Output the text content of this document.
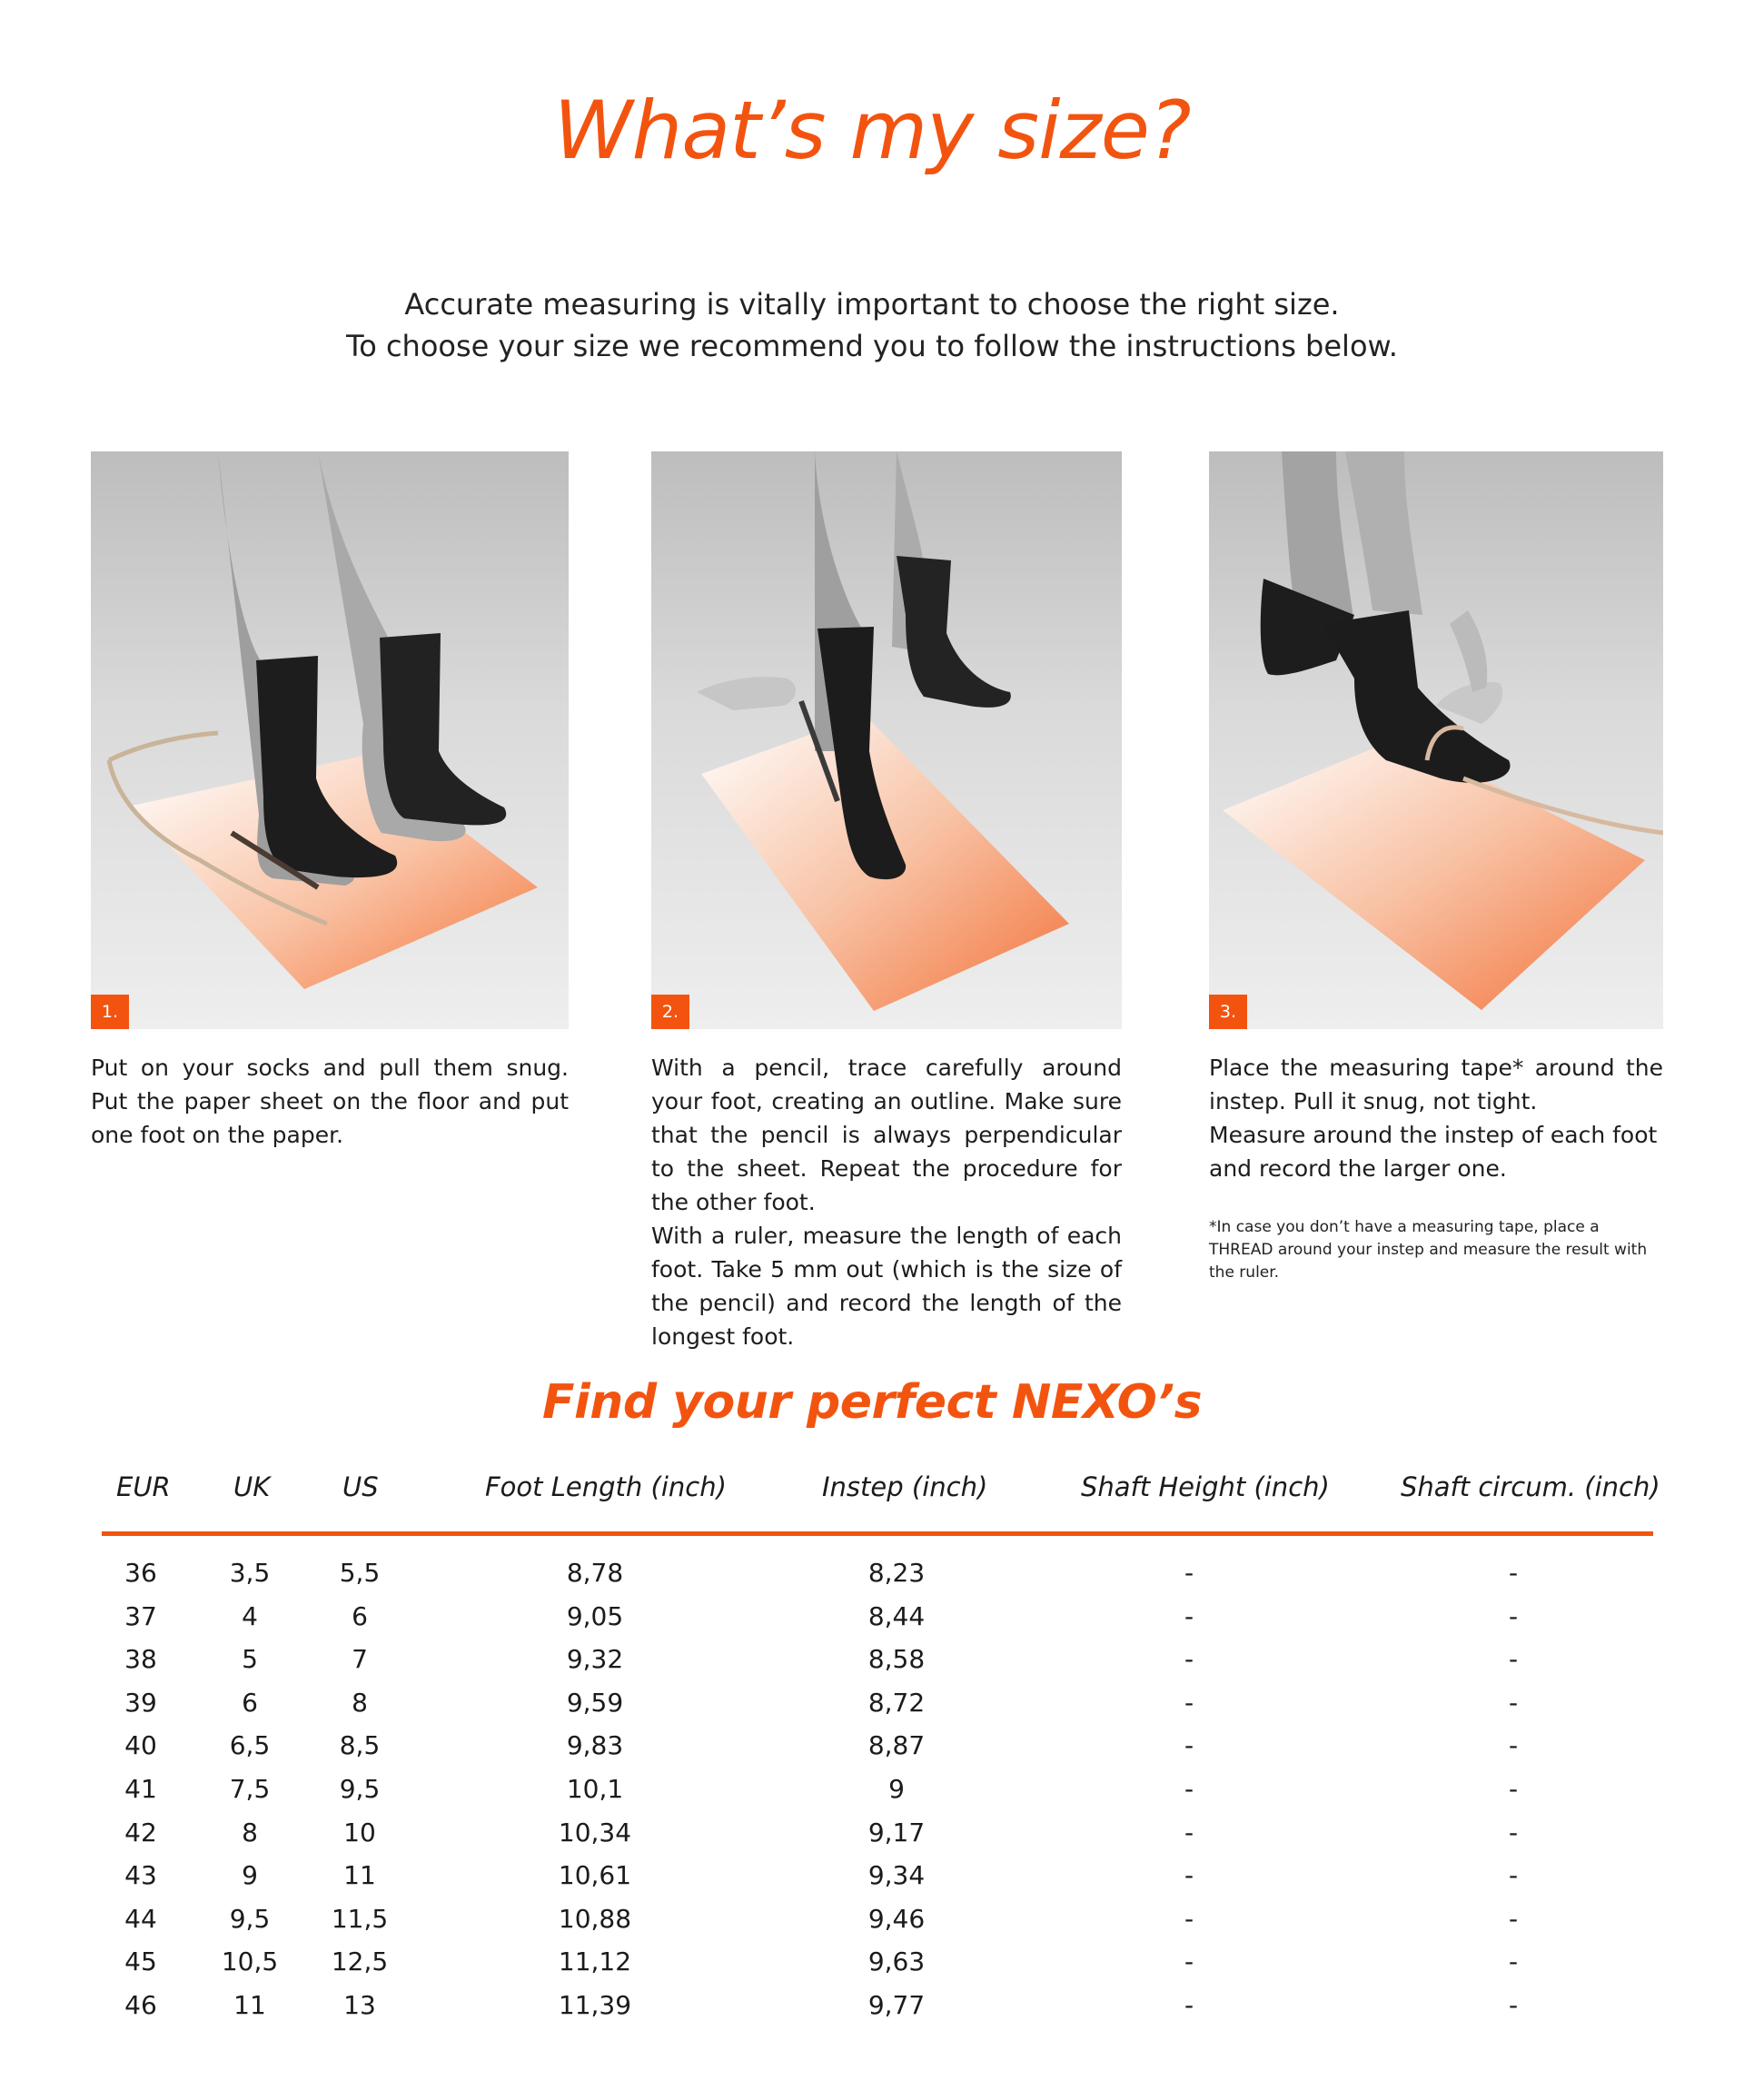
What’s my size?
Accurate measuring is vitally important to choose the right size.
To choose your size we recommend you to follow the instructions below.
1.	2.	3.

Put on your socks and pull them snug. Put the paper sheet on the floor and put one foot on the paper.

With a pencil, trace carefully around your foot, creating an outline. Make sure that the pencil is always perpendicular to the sheet. Repeat the procedure for the other foot.

With a ruler, measure the length of each foot. Take 5 mm out (which is the size of the pencil) and record the length of the longest foot.

Place the measuring tape* around the instep. Pull it snug, not tight.

Measure around the instep of each foot and record the larger one.

*In case you don’t have a measuring tape, place a THREAD around your instep and measure the result with the ruler.
Find your perfect NEXO’s
EUR UK	US	Foot Length (inch)	Instep (inch)	Shaft Height (inch)	Shaft circum. (inch)
36	3,5	5,5	8,78	8,23	-	-
37	4	6	9,05	8,44	-	-
38	5	7	9,32	8,58	-	-
39	6	8	9,59	8,72	-	-
40	6,5	8,5	9,83	8,87	-	-
41	7,5	9,5	10,1	9	-	-
42	8	10	10,34	9,17	-	-
43	9	11	10,61	9,34	-	-
44	9,5	11,5	10,88	9,46	-	-
45	10,5	12,5	11,12	9,63	-	-
46	11	13	11,39	9,77	-	-
